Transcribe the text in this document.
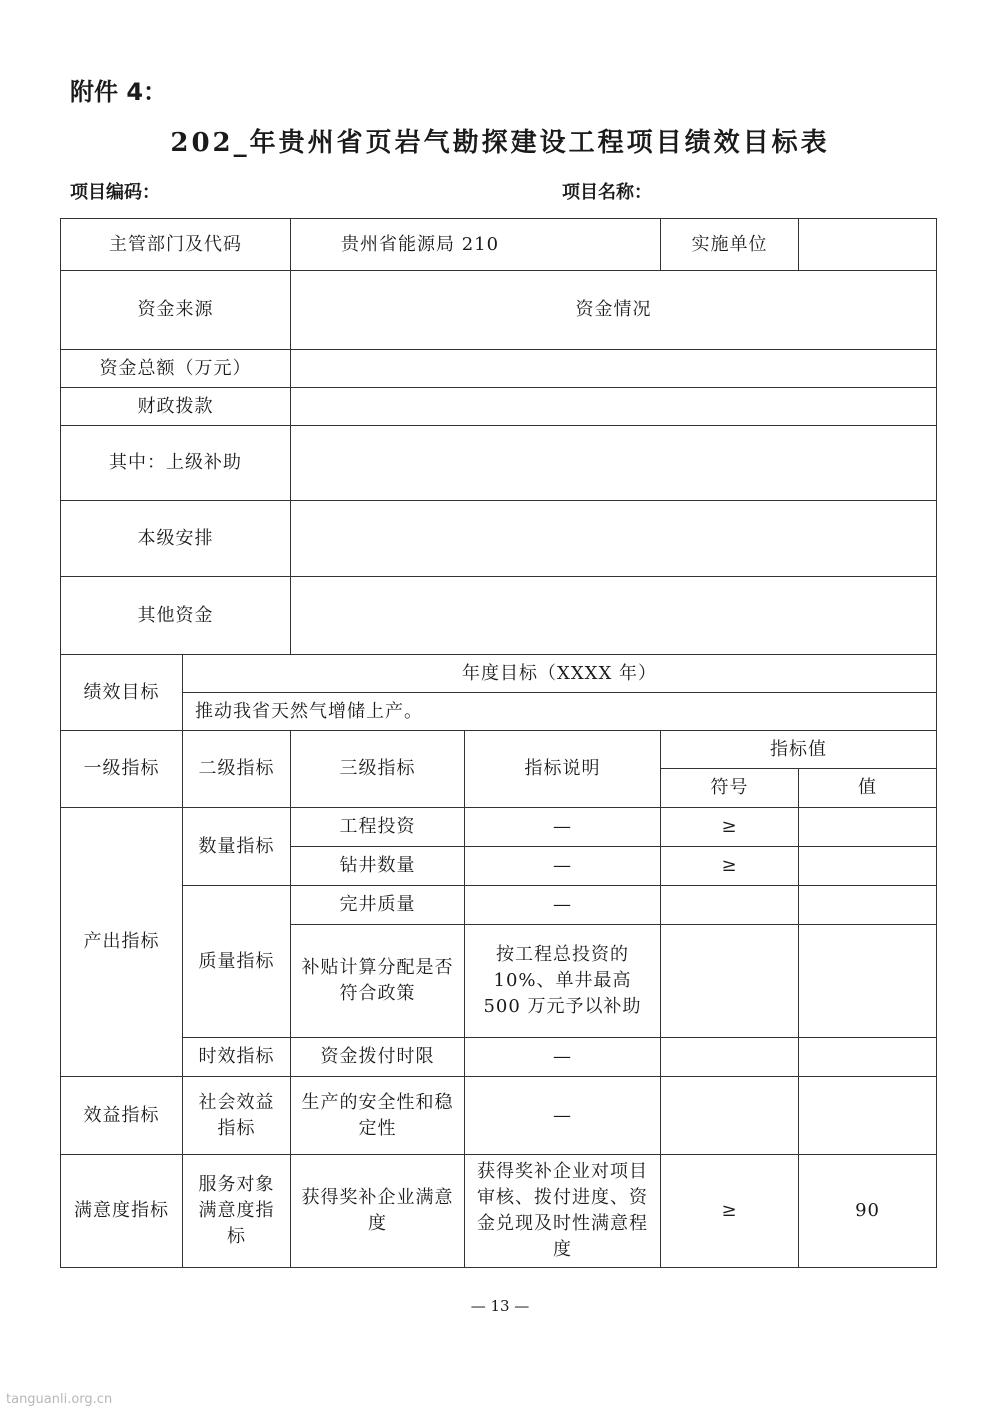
附件 4：
202_年贵州省页岩气勘探建设工程项目绩效目标表
项目编码：	项目名称：
主管部门及代码		贵州省能源局 210		实施单位	
资金来源		资金情况			
资金总额（万元）					
财政拨款					
其中：上级补助					
本级安排					
其他资金					
绩效目标	年度目标（XXXX 年）				
	推动我省天然气增储上产。				
一级指标	二级指标	三级指标	指标说明	指标值	
				符号	值
产出指标	数量指标	工程投资	—	≥	
		钻井数量	—	≥	
	质量指标	完井质量	—		
		补贴计算分配是否符合政策	按工程总投资的10%、单井最高 500 万元予以补助		
	时效指标	资金拨付时限	—		
效益指标	社会效益指标	生产的安全性和稳定性	—		
满意度指标	服务对象满意度指标	获得奖补企业满意度	获得奖补企业对项目审核、拨付进度、资金兑现及时性满意程度	≥	90
— 13 —
tanguanli.org.cn
